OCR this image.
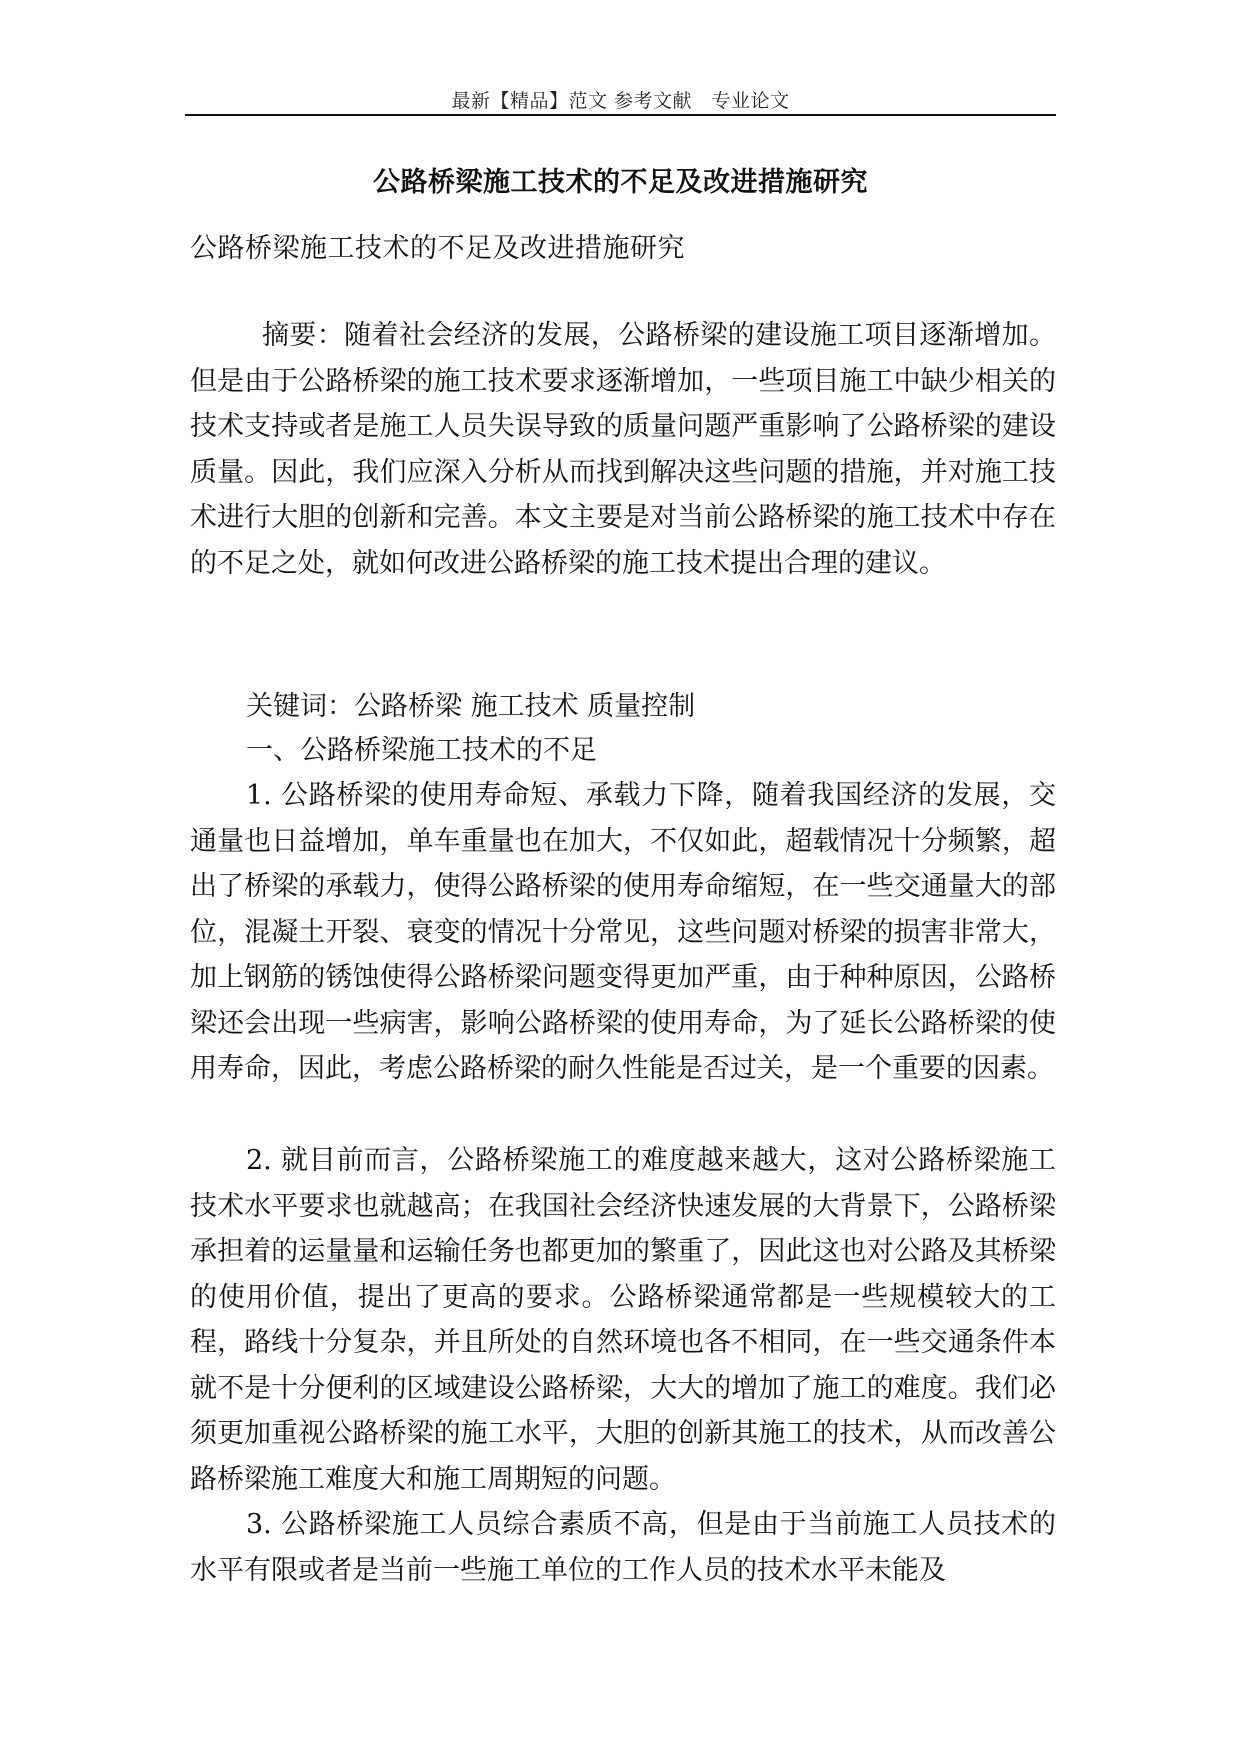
最新【精品】范文 参考文献　专业论文
公路桥梁施工技术的不足及改进措施研究
公路桥梁施工技术的不足及改进措施研究

摘要：随着社会经济的发展，公路桥梁的建设施工项目逐渐增加。但是由于公路桥梁的施工技术要求逐渐增加，一些项目施工中缺少相关的技术支持或者是施工人员失误导致的质量问题严重影响了公路桥梁的建设质量。因此，我们应深入分析从而找到解决这些问题的措施，并对施工技术进行大胆的创新和完善。本文主要是对当前公路桥梁的施工技术中存在的不足之处，就如何改进公路桥梁的施工技术提出合理的建议。

关键词：公路桥梁 施工技术 质量控制

一、公路桥梁施工技术的不足

1. 公路桥梁的使用寿命短、承载力下降，随着我国经济的发展，交通量也日益增加，单车重量也在加大，不仅如此，超载情况十分频繁，超出了桥梁的承载力，使得公路桥梁的使用寿命缩短，在一些交通量大的部位，混凝土开裂、衰变的情况十分常见，这些问题对桥梁的损害非常大，加上钢筋的锈蚀使得公路桥梁问题变得更加严重，由于种种原因，公路桥梁还会出现一些病害，影响公路桥梁的使用寿命，为了延长公路桥梁的使用寿命，因此，考虑公路桥梁的耐久性能是否过关，是一个重要的因素。

2. 就目前而言，公路桥梁施工的难度越来越大，这对公路桥梁施工技术水平要求也就越高；在我国社会经济快速发展的大背景下，公路桥梁承担着的运量量和运输任务也都更加的繁重了，因此这也对公路及其桥梁的使用价值，提出了更高的要求。公路桥梁通常都是一些规模较大的工程，路线十分复杂，并且所处的自然环境也各不相同，在一些交通条件本就不是十分便利的区域建设公路桥梁，大大的增加了施工的难度。我们必须更加重视公路桥梁的施工水平，大胆的创新其施工的技术，从而改善公路桥梁施工难度大和施工周期短的问题。

3. 公路桥梁施工人员综合素质不高，但是由于当前施工人员技术的水平有限或者是当前一些施工单位的工作人员的技术水平未能及
